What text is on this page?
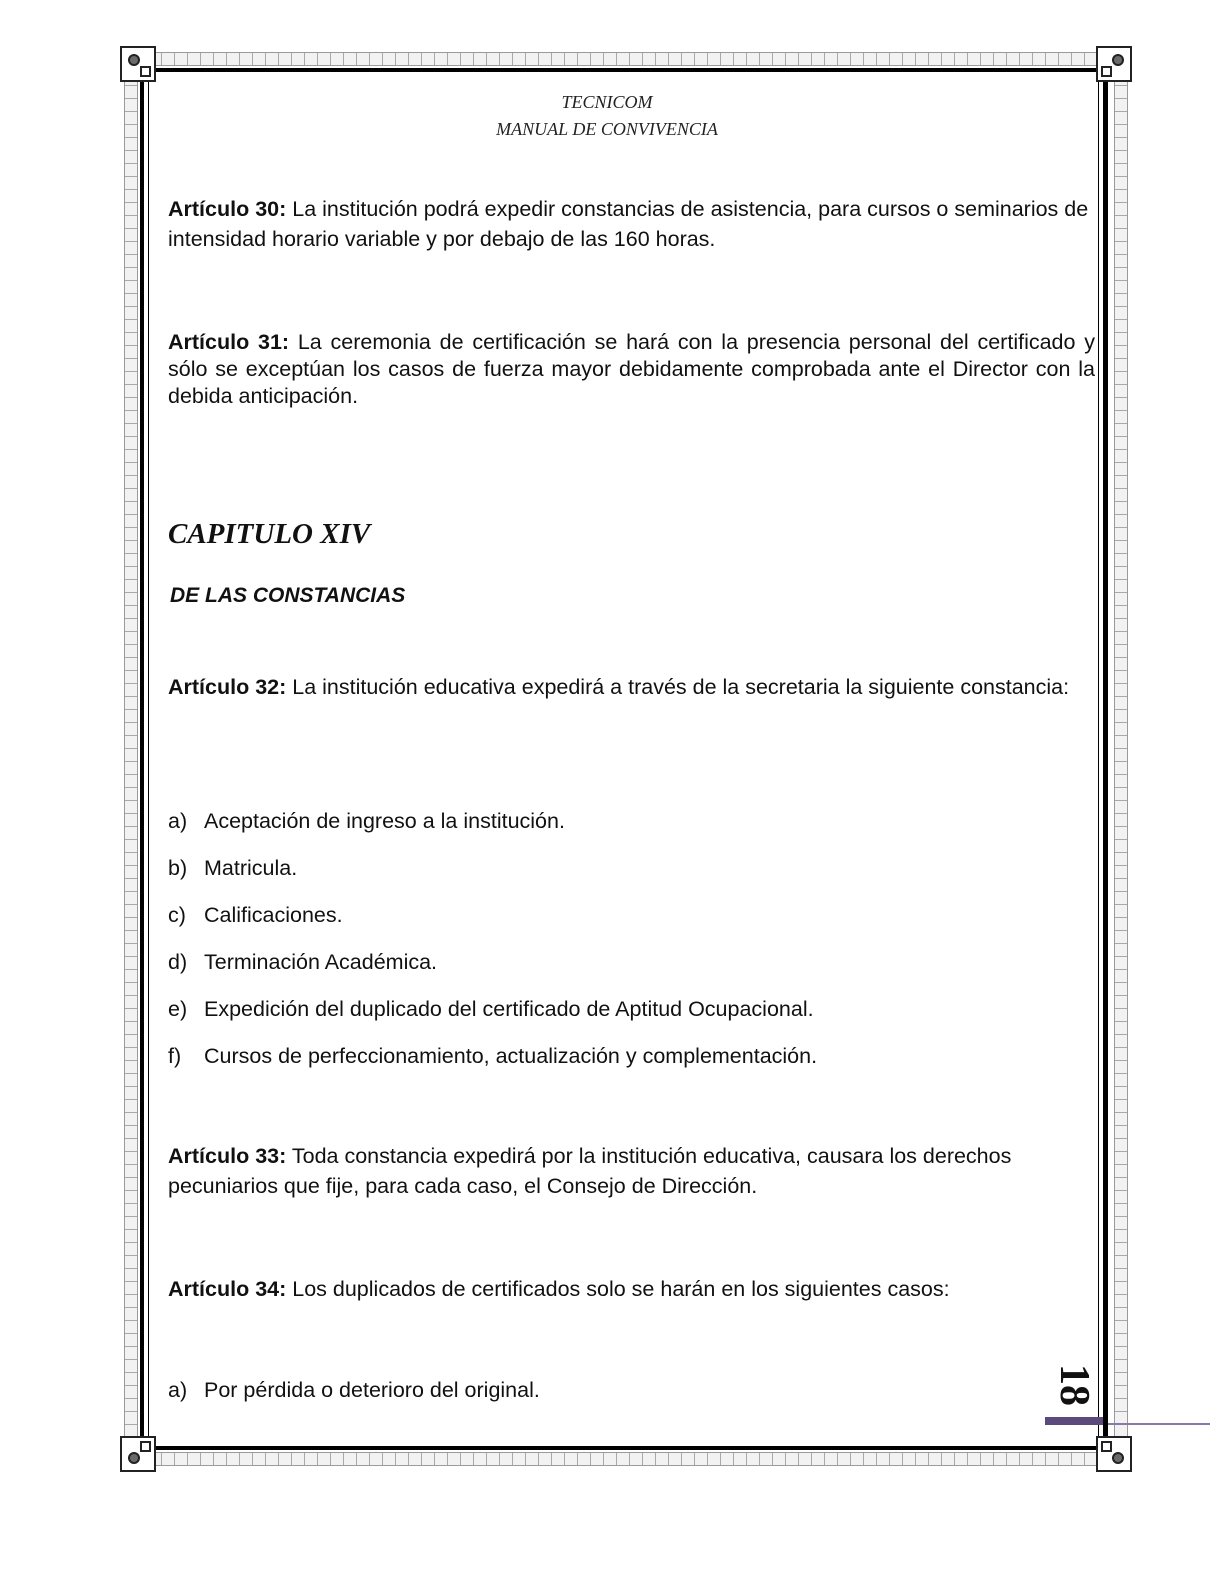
TECNICOM
MANUAL DE CONVIVENCIA

Artículo 30: La institución podrá expedir constancias de asistencia, para cursos o seminarios de intensidad horario variable y por debajo de las 160 horas.

Artículo 31: La ceremonia de certificación se hará con la presencia personal del certificado y sólo se exceptúan los casos de fuerza mayor debidamente comprobada ante el Director con la debida anticipación.

CAPITULO XIV
DE LAS CONSTANCIAS

Artículo 32: La institución educativa expedirá a través de la secretaria la siguiente constancia:

a) Aceptación de ingreso a la institución.

b) Matricula.

c) Calificaciones.

d) Terminación Académica.

e) Expedición del duplicado del certificado de Aptitud Ocupacional.

f) Cursos de perfeccionamiento, actualización y complementación.

Artículo 33: Toda constancia expedirá por la institución educativa, causara los derechos pecuniarios que fije, para cada caso, el Consejo de Dirección.

Artículo 34: Los duplicados de certificados solo se harán en los siguientes casos:

a) Por pérdida o deterioro del original.	18
